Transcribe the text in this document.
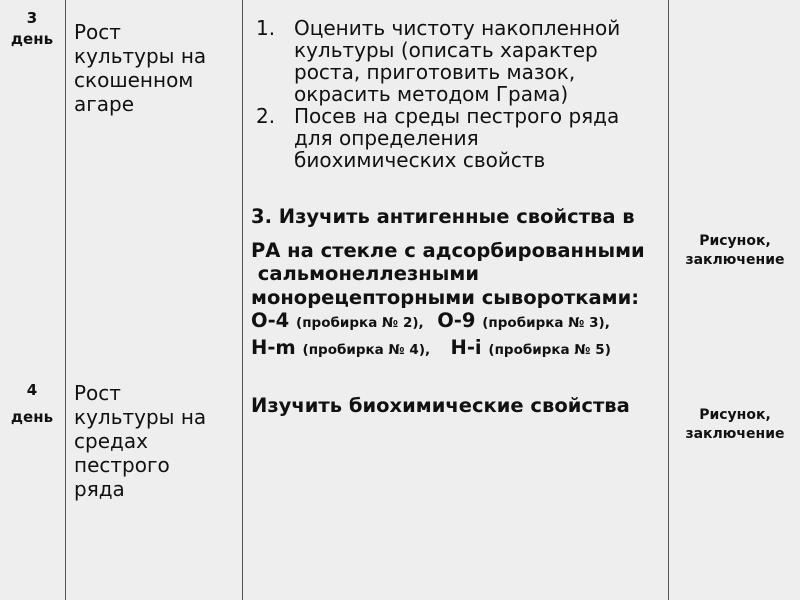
3
день	Рост
культуры на
скошенном
агаре
1. Оценить чистоту накопленной
культуры (описать характер
роста, приготовить мазок,
окрасить методом Грама)
2. Посев на среды пестрого ряда
для определения
биохимических свойств
3. Изучить антигенные свойства в
РА на стекле с адсорбированными
сальмонеллезными
монорецепторными сыворотками:
О-4 (пробирка № 2), О-9 (пробирка № 3),
Н-m (пробирка № 4), Н-i (пробирка № 5)
Рисунок,
заключение
4
день
Рост
культуры на
средах
пестрого
ряда
Изучить биохимические свойства	Рисунок,
заключение
